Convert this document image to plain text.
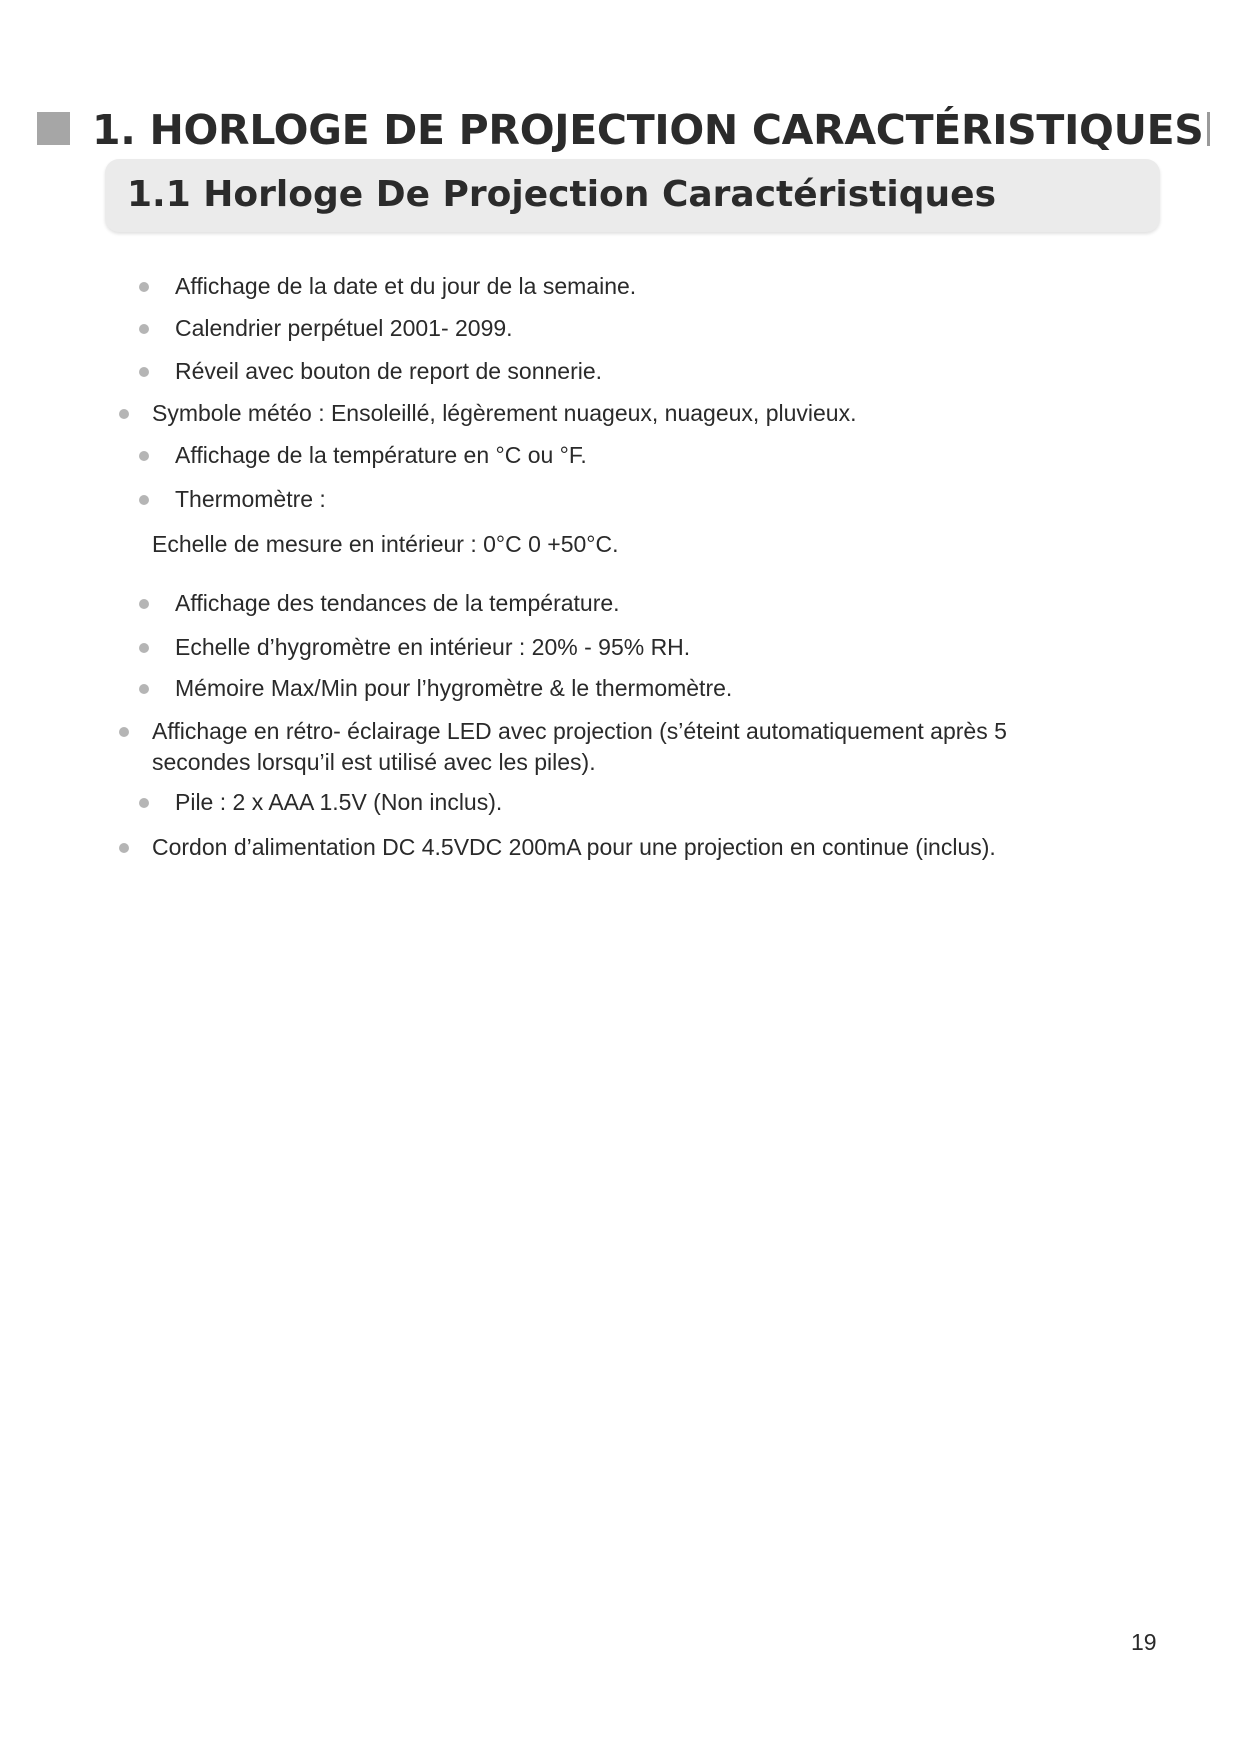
1. HORLOGE DE PROJECTION CARACTÉRISTIQUES
1.1 Horloge De Projection Caractéristiques
Affichage de la date et du jour de la semaine.
Calendrier perpétuel 2001- 2099.
Réveil avec bouton de report de sonnerie.
Symbole météo : Ensoleillé, légèrement nuageux, nuageux, pluvieux.
Affichage de la température en °C ou °F.
Thermomètre :
Affichage des tendances de la température.
Echelle d’hygromètre en intérieur : 20% - 95% RH.
Mémoire Max/Min pour l’hygromètre & le thermomètre.
Affichage en rétro- éclairage LED avec projection (s’éteint automatiquement après 5
secondes lorsqu’il est utilisé avec les piles).
Pile : 2 x AAA 1.5V (Non inclus).
Cordon d’alimentation DC 4.5VDC 200mA pour une projection en continue (inclus).
Echelle de mesure en intérieur : 0°C 0 +50°C.
19
